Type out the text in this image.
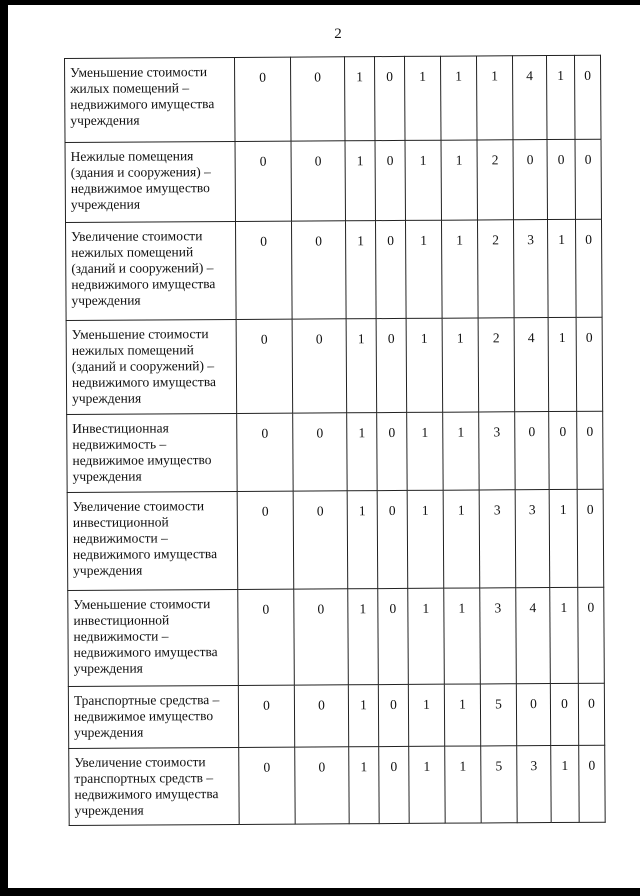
2
Уменьшение стоимости жилых помещений – недвижимого имущества учреждения	0	0	1	0	1	1	1	4	1	0
Нежилые помещения (здания и сооружения) – недвижимое имущество учреждения	0	0	1	0	1	1	2	0	0	0
Увеличение стоимости нежилых помещений (зданий и сооружений) – недвижимого имущества учреждения	0	0	1	0	1	1	2	3	1	0
Уменьшение стоимости нежилых помещений (зданий и сооружений) – недвижимого имущества учреждения	0	0	1	0	1	1	2	4	1	0
Инвестиционная недвижимость – недвижимое имущество учреждения	0	0	1	0	1	1	3	0	0	0
Увеличение стоимости инвестиционной недвижимости – недвижимого имущества учреждения	0	0	1	0	1	1	3	3	1	0
Уменьшение стоимости инвестиционной недвижимости – недвижимого имущества учреждения	0	0	1	0	1	1	3	4	1	0
Транспортные средства – недвижимое имущество учреждения	0	0	1	0	1	1	5	0	0	0
Увеличение стоимости транспортных средств – недвижимого имущества учреждения	0	0	1	0	1	1	5	3	1	0
